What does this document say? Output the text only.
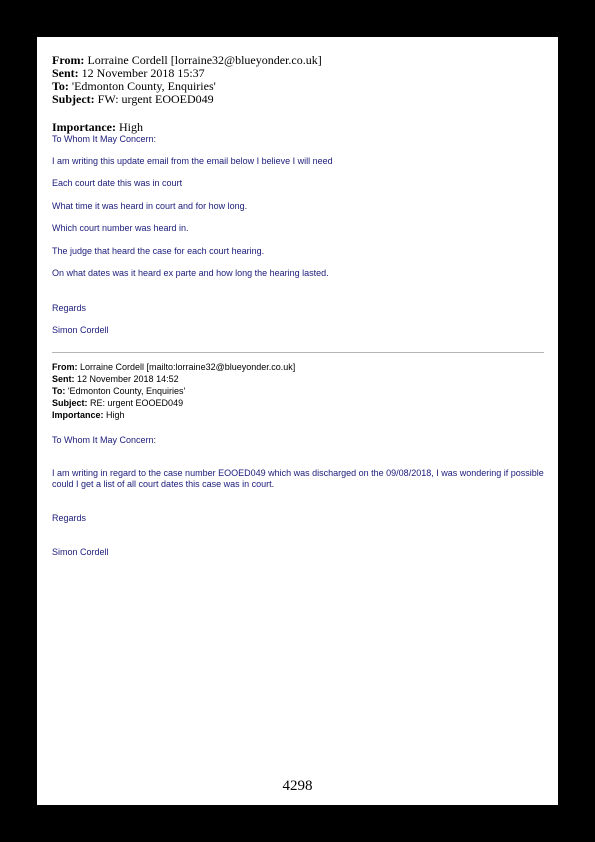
From: Lorraine Cordell [lorraine32@blueyonder.co.uk]
Sent: 12 November 2018 15:37
To: 'Edmonton County, Enquiries'
Subject: FW: urgent EOOED049
Importance: High
To Whom It May Concern:
I am writing this update email from the email below I believe I will need
Each court date this was in court
What time it was heard in court and for how long.
Which court number was heard in.
The judge that heard the case for each court hearing.
On what dates was it heard ex parte and how long the hearing lasted.
Regards
Simon Cordell
From: Lorraine Cordell [mailto:lorraine32@blueyonder.co.uk]
Sent: 12 November 2018 14:52
To: 'Edmonton County, Enquiries'
Subject: RE: urgent EOOED049
Importance: High
To Whom It May Concern:
I am writing in regard to the case number EOOED049 which was discharged on the 09/08/2018, I was wondering if possible could I get a list of all court dates this case was in court.
Regards
Simon Cordell
4298
